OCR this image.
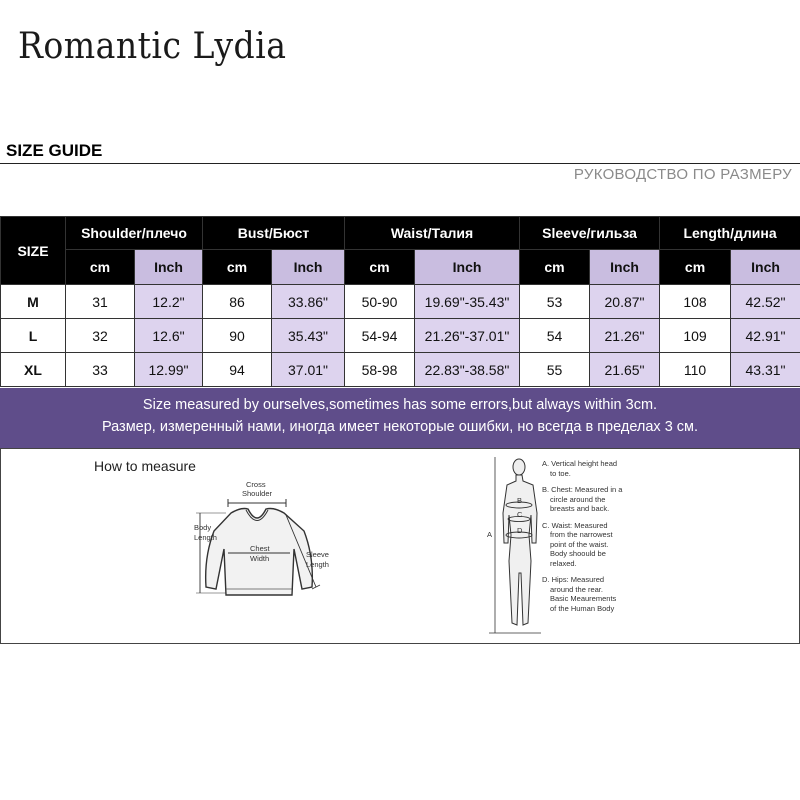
Romantic Lydia
SIZE GUIDE
РУКОВОДСТВО ПО РАЗМЕРУ
SIZE	Shoulder/плечо		Bust/Бюст		Waist/Талия		Sleeve/гильза		Length/длина	
	cm	Inch	cm	Inch	cm	Inch	cm	Inch	cm	Inch
M	31	12.2"	86	33.86"	50-90	19.69"-35.43"	53	20.87"	108	42.52"
L	32	12.6"	90	35.43"	54-94	21.26"-37.01"	54	21.26"	109	42.91"
XL	33	12.99"	94	37.01"	58-98	22.83"-38.58"	55	21.65"	110	43.31"
Size measured by ourselves,sometimes has some errors,but always within 3cm.
Размер, измеренный нами, иногда имеет некоторые ошибки, но всегда в пределах 3 см.
How to measure
Cross
Shoulder
Chest
Width
Body
Length
Sleeve
Length
B
C
D
A
A. Vertical height head
to toe.
B. Chest: Measured in a
circle around the
breasts and back.
C. Waist: Measured
from the narrowest
point of the waist.
Body shoould be
relaxed.
D. Hips: Measured
around the rear.
Basic Meaurements
of the Human Body
